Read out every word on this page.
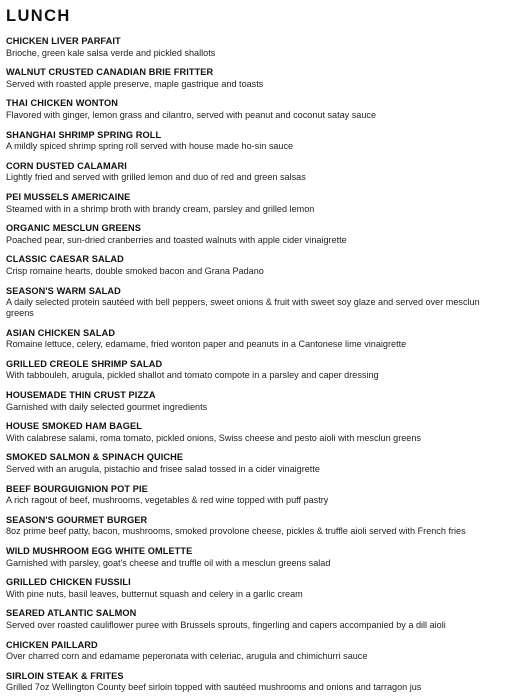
LUNCH
CHICKEN LIVER PARFAIT
Brioche, green kale salsa verde and pickled shallots
WALNUT CRUSTED CANADIAN BRIE FRITTER
Served with roasted apple preserve, maple gastrique and toasts
THAI CHICKEN WONTON
Flavored with ginger, lemon grass and cilantro, served with peanut and coconut satay sauce
SHANGHAI SHRIMP SPRING ROLL
A mildly spiced shrimp spring roll served with house made ho-sin sauce
CORN DUSTED CALAMARI
Lightly fried and served with grilled lemon and duo of red and green salsas
PEI MUSSELS AMERICAINE
Steamed with in a shrimp broth with brandy cream, parsley and grilled lemon
ORGANIC MESCLUN GREENS
Poached pear, sun-dried cranberries and toasted walnuts with apple cider vinaigrette
CLASSIC CAESAR SALAD
Crisp romaine hearts, double smoked bacon and Grana Padano
SEASON'S WARM SALAD
A daily selected protein sautéed with bell peppers, sweet onions & fruit with sweet soy glaze and served over mesclun greens
ASIAN CHICKEN SALAD
Romaine lettuce, celery, edamame, fried wonton paper and peanuts in a Cantonese lime vinaigrette
GRILLED CREOLE SHRIMP SALAD
With tabbouleh, arugula, pickled shallot and tomato compote in a parsley and caper dressing
HOUSEMADE THIN CRUST PIZZA
Garnished with daily selected gourmet ingredients
HOUSE SMOKED HAM BAGEL
With calabrese salami, roma tomato, pickled onions, Swiss cheese and pesto aioli with mesclun greens
SMOKED SALMON & SPINACH QUICHE
Served with an arugula, pistachio and frisee salad tossed in a cider vinaigrette
BEEF BOURGUIGNION POT PIE
A rich ragout of beef, mushrooms, vegetables & red wine topped with puff pastry
SEASON'S GOURMET BURGER
8oz prime beef patty, bacon, mushrooms, smoked provolone cheese, pickles & truffle aioli served with French fries
WILD MUSHROOM EGG WHITE OMLETTE
Garnished with parsley, goat's cheese and truffle oil with a mesclun greens salad
GRILLED CHICKEN FUSSILI
With pine nuts, basil leaves, butternut squash and celery in a garlic cream
SEARED ATLANTIC SALMON
Served over roasted cauliflower puree with Brussels sprouts, fingerling and capers accompanied by a dill aioli
CHICKEN PAILLARD
Over charred corn and edamame peperonata with celeriac, arugula and chimichurri sauce
SIRLOIN STEAK & FRITES
Grilled 7oz Wellington County beef sirloin topped with sautéed mushrooms and onions and tarragon jus
